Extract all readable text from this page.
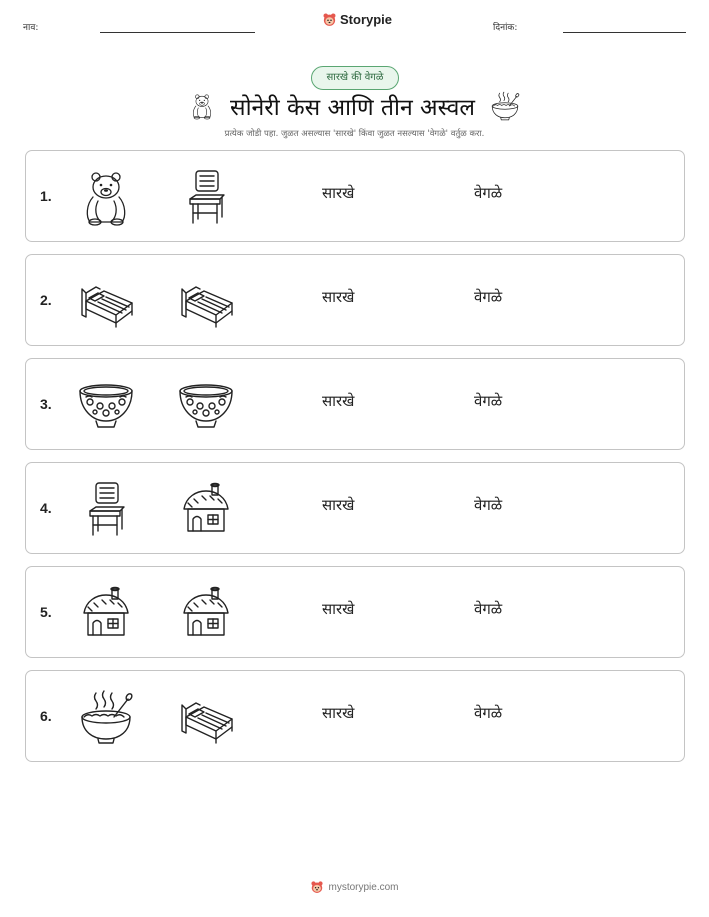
नाव:
Storypie
दिनांक:
सारखे की वेगळे
सोनेरी केस आणि तीन अस्वल
प्रत्येक जोडी पहा. जुळत असल्यास 'सारखे' किंवा जुळत नसल्यास 'वेगळे' वर्तुळ करा.
1.	सारखे	वेगळे
2.	सारखे	वेगळे
3.	सारखे	वेगळे
4.	सारखे	वेगळे
5.	सारखे	वेगळे
6.	सारखे	वेगळे
mystorypie.com
